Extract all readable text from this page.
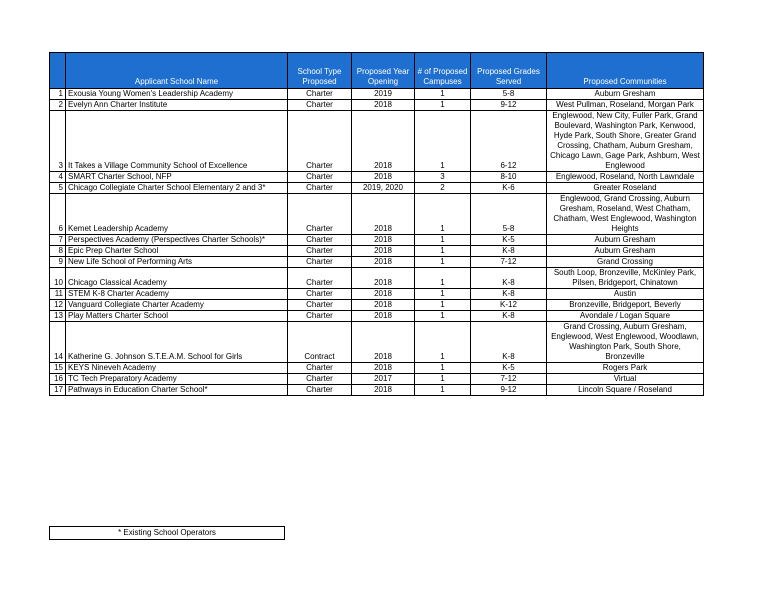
	Applicant School Name	School Type Proposed	Proposed Year Opening	# of Proposed Campuses	Proposed Grades Served	Proposed Communities
1	Exousia Young Women's Leadership Academy	Charter	2019	1	5-8	Auburn Gresham
2	Evelyn Ann Charter Institute	Charter	2018	1	9-12	West Pullman, Roseland, Morgan Park
3	It Takes a Village Community School of Excellence	Charter	2018	1	6-12	Englewood, New City, Fuller Park, Grand Boulevard, Washington Park, Kenwood, Hyde Park, South Shore, Greater Grand Crossing, Chatham, Auburn Gresham, Chicago Lawn, Gage Park, Ashburn, West Englewood
4	SMART Charter School, NFP	Charter	2018	3	8-10	Englewood, Roseland, North Lawndale
5	Chicago Collegiate Charter School Elementary 2 and 3*	Charter	2019, 2020	2	K-6	Greater Roseland
6	Kemet Leadership Academy	Charter	2018	1	5-8	Englewood, Grand Crossing, Auburn Gresham, Roseland, West Chatham, Chatham, West Englewood, Washington Heights
7	Perspectives Academy (Perspectives Charter Schools)*	Charter	2018	1	K-5	Auburn Gresham
8	Epic Prep Charter School	Charter	2018	1	K-8	Auburn Gresham
9	New Life School of Performing Arts	Charter	2018	1	7-12	Grand Crossing
10	Chicago Classical Academy	Charter	2018	1	K-8	South Loop, Bronzeville, McKinley Park, Pilsen, Bridgeport, Chinatown
11	STEM K-8 Charter Academy	Charter	2018	1	K-8	Austin
12	Vanguard Collegiate Charter Academy	Charter	2018	1	K-12	Bronzeville, Bridgeport, Beverly
13	Play Matters Charter School	Charter	2018	1	K-8	Avondale / Logan Square
14	Katherine G. Johnson S.T.E.A.M. School for Girls	Contract	2018	1	K-8	Grand Crossing, Auburn Gresham, Englewood, West Englewood, Woodlawn, Washington Park, South Shore, Bronzeville
15	KEYS Nineveh Academy	Charter	2018	1	K-5	Rogers Park
16	TC Tech Preparatory Academy	Charter	2017	1	7-12	Virtual
17	Pathways in Education Charter School*	Charter	2018	1	9-12	Lincoln Square / Roseland
* Existing School Operators
